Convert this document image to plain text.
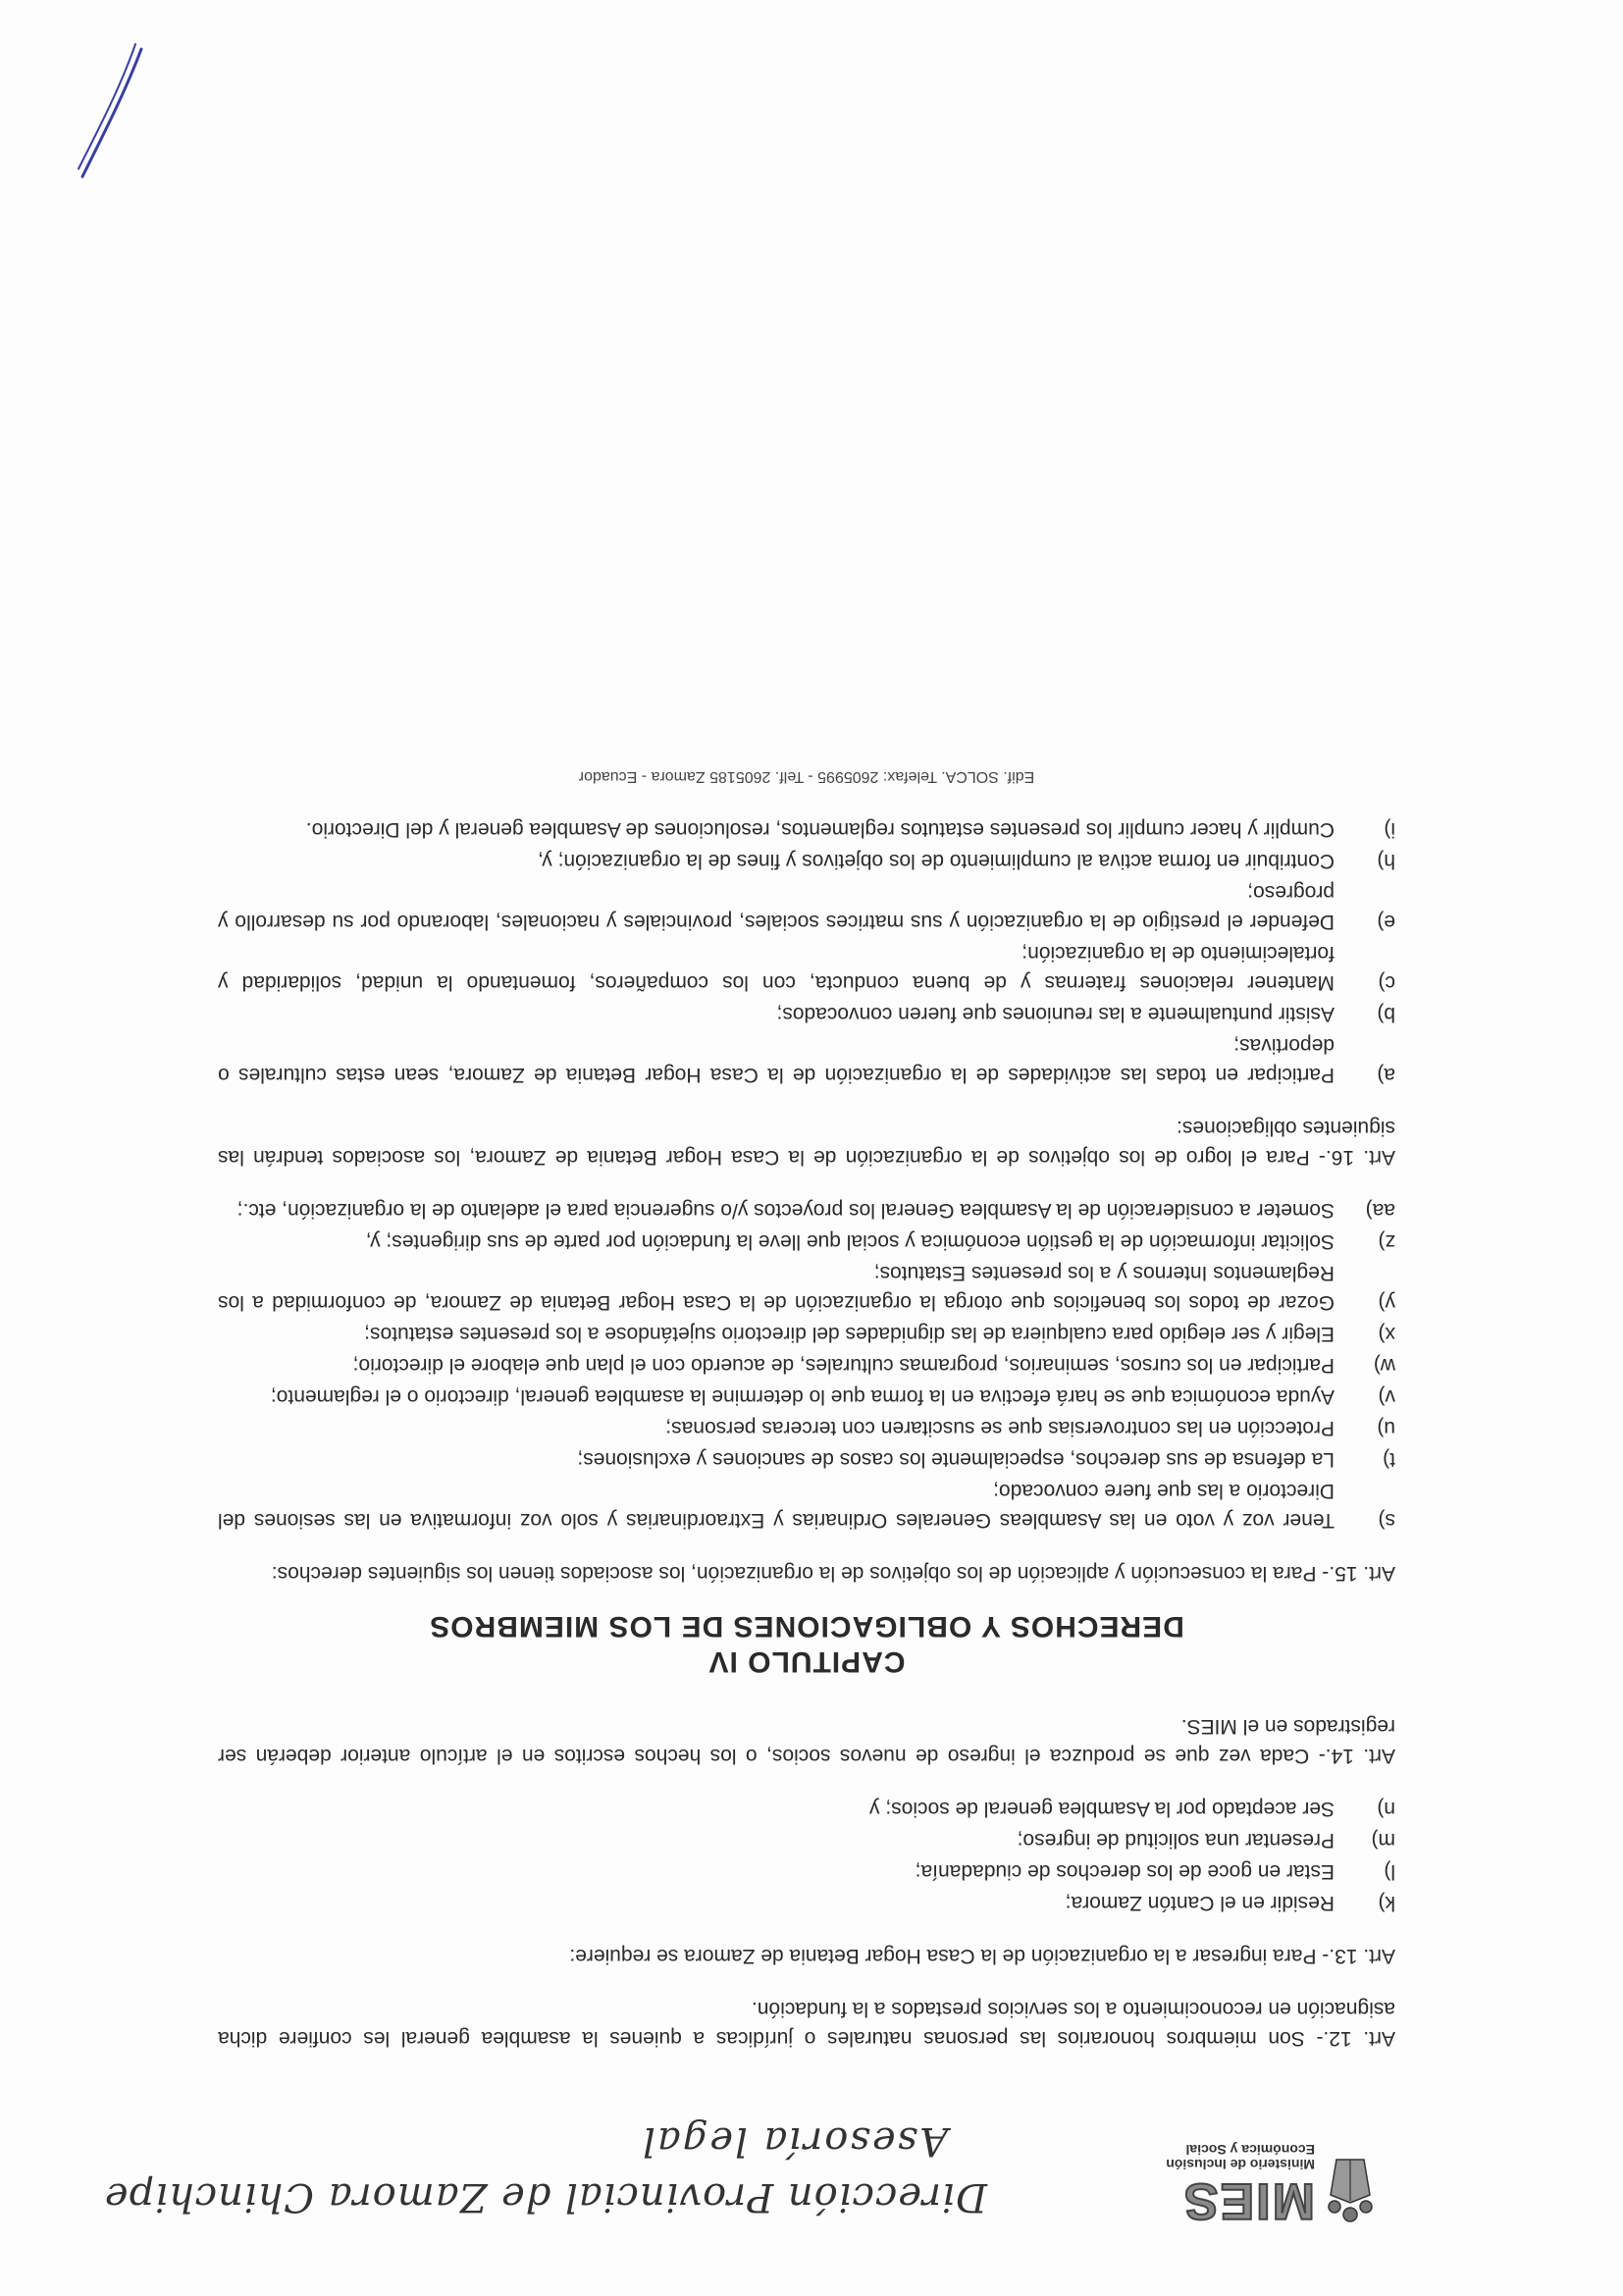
MIES
Ministerio de Inclusión
Económica y Social
Dirección Provincial de Zamora Chinchipe
Asesoría legal

Art. 12.- Son miembros honorarios las personas naturales o jurídicas a quienes la asamblea general les confiere dicha asignación en reconocimiento a los servicios prestados a la fundación.

Art. 13.- Para ingresar a la organización de la Casa Hogar Betania de Zamora se requiere:

k)
Residir en el Cantón Zamora;
l)
Estar en goce de los derechos de ciudadanía;
m)
Presentar una solicitud de ingreso;
n)
Ser aceptado por la Asamblea general de socios; y

Art. 14.- Cada vez que se produzca el ingreso de nuevos socios, o los hechos escritos en el artículo anterior deberán ser registrados en el MIES.

CAPITULO IV
DERECHOS Y OBLIGACIONES DE LOS MIEMBROS

Art. 15.- Para la consecución y aplicación de los objetivos de la organización, los asociados tienen los siguientes derechos:

s)
Tener voz y voto en las Asambleas Generales Ordinarias y Extraordinarias y solo voz informativa en las sesiones del Directorio a las que fuere convocado;
t)
La defensa de sus derechos, especialmente los casos de sanciones y exclusiones;
u)
Protección en las controversias que se suscitaren con terceras personas;
v)
Ayuda económica que se hará efectiva en la forma que lo determine la asamblea general, directorio o el reglamento;
w)
Participar en los cursos, seminarios, programas culturales, de acuerdo con el plan que elabore el directorio;
x)
Elegir y ser elegido para cualquiera de las dignidades del directorio sujetándose a los presentes estatutos;
y)
Gozar de todos los beneficios que otorga la organización de la Casa Hogar Betania de Zamora, de conformidad a los Reglamentos Internos y a los presentes Estatutos;
z)
Solicitar información de la gestión económica y social que lleve la fundación por parte de sus dirigentes; y,
aa)
Someter a consideración de la Asamblea General los proyectos y/o sugerencia para el adelanto de la organización, etc.;

Art. 16.- Para el logro de los objetivos de la organización de la Casa Hogar Betania de Zamora, los asociados tendrán las siguientes obligaciones:

a)
Participar en todas las actividades de la organización de la Casa Hogar Betania de Zamora, sean estas culturales o deportivas;
b)
Asistir puntualmente a las reuniones que fueren convocados;
c)
Mantener relaciones fraternas y de buena conducta, con los compañeros, fomentando la unidad, solidaridad y fortalecimiento de la organización;
e)
Defender el prestigio de la organización y sus matrices sociales, provinciales y nacionales, laborando por su desarrollo y progreso;
h)
Contribuir en forma activa al cumplimiento de los objetivos y fines de la organización; y,
i)
Cumplir y hacer cumplir los presentes estatutos reglamentos, resoluciones de Asamblea general y del Directorio.
Edif. SOLCA. Telefax: 2605995 - Telf. 2605185 Zamora - Ecuador
